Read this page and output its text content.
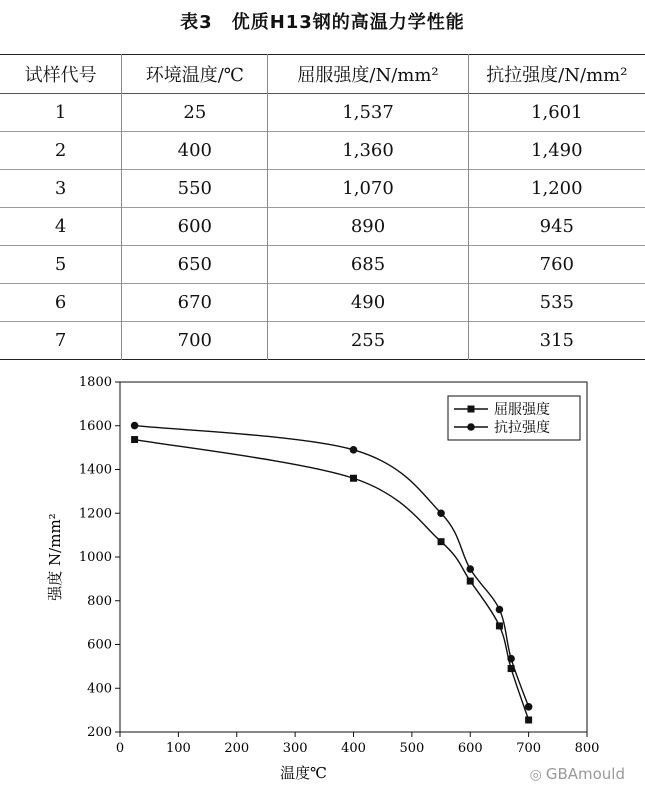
表3　优质H13钢的高温力学性能
试样代号	环境温度/℃	屈服强度/N/mm²	抗拉强度/N/mm²
1	25	1,537	1,601
2	400	1,360	1,490
3	550	1,070	1,200
4	600	890	945
5	650	685	760
6	670	490	535
7	700	255	315
0	100	200	300	400	500	600	700	800
200
400
600
800
1000
1200
1400
1600
1800
温度℃
强度 N/mm²
屈服强度
抗拉强度
◎ GBAmould
